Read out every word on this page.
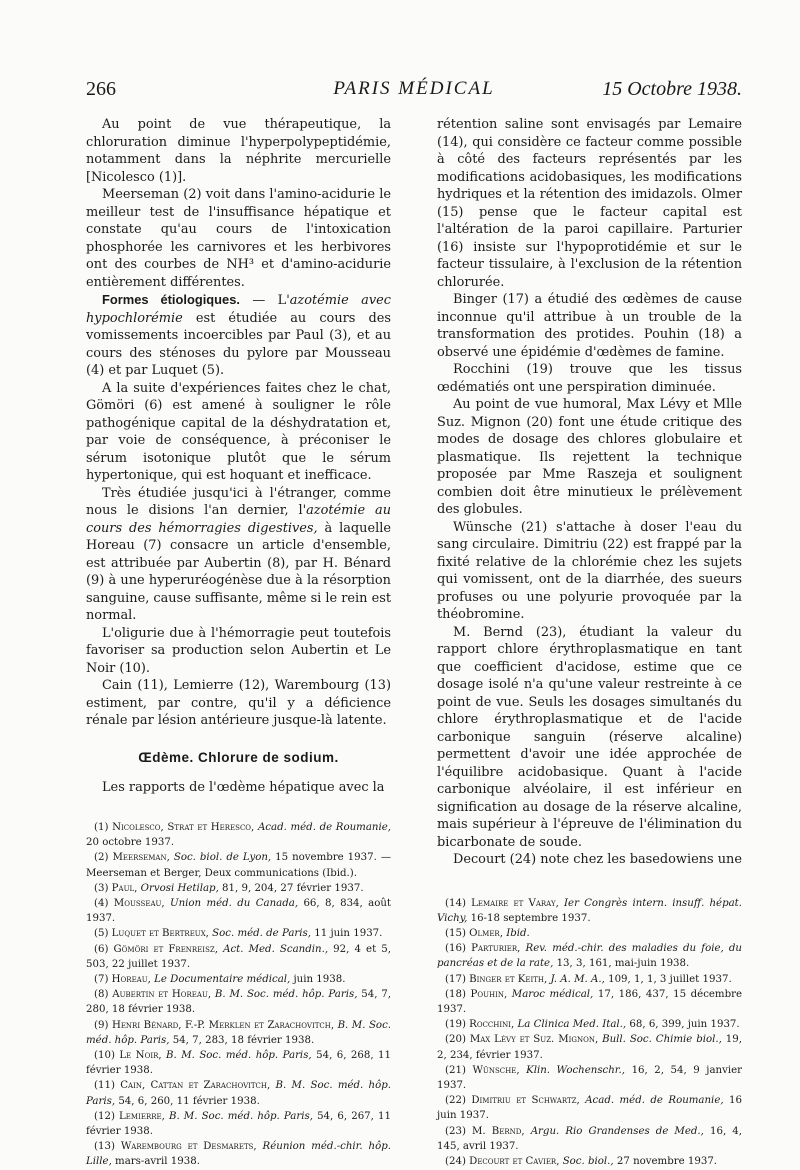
266	PARIS MÉDICAL	15 Octobre 1938.

Au point de vue thérapeutique, la chloruration diminue l'hyperpolypeptidémie, notamment dans la néphrite mercurielle [Nicolesco (1)].

Meerseman (2) voit dans l'amino-acidurie le meilleur test de l'insuffisance hépatique et constate qu'au cours de l'intoxication phosphorée les carnivores et les herbivores ont des courbes de NH³ et d'amino-acidurie entièrement différentes.

Formes étiologiques. — L'azotémie avec hypochlorémie est étudiée au cours des vomissements incoercibles par Paul (3), et au cours des sténoses du pylore par Mousseau (4) et par Luquet (5).

A la suite d'expériences faites chez le chat, Gömöri (6) est amené à souligner le rôle pathogénique capital de la déshydratation et, par voie de conséquence, à préconiser le sérum isotonique plutôt que le sérum hypertonique, qui est hoquant et inefficace.

Très étudiée jusqu'ici à l'étranger, comme nous le disions l'an dernier, l'azotémie au cours des hémorragies digestives, à laquelle Horeau (7) consacre un article d'ensemble, est attribuée par Aubertin (8), par H. Bénard (9) à une hyperuréogénèse due à la résorption sanguine, cause suffisante, même si le rein est normal.

L'oligurie due à l'hémorragie peut toutefois favoriser sa production selon Aubertin et Le Noir (10).

Cain (11), Lemierre (12), Warembourg (13) estiment, par contre, qu'il y a déficience rénale par lésion antérieure jusque-là latente.

Œdème. Chlorure de sodium.

Les rapports de l'œdème hépatique avec la

(1) Nicolesco, Strat et Heresco, Acad. méd. de Roumanie, 20 octobre 1937.
(2) Meerseman, Soc. biol. de Lyon, 15 novembre 1937. — Meerseman et Berger, Deux communications (Ibid.).
(3) Paul, Orvosi Hetilap, 81, 9, 204, 27 février 1937.
(4) Mousseau, Union méd. du Canada, 66, 8, 834, août 1937.
(5) Luquet et Bertreux, Soc. méd. de Paris, 11 juin 1937.
(6) Gömöri et Frenreisz, Act. Med. Scandin., 92, 4 et 5, 503, 22 juillet 1937.
(7) Horeau, Le Documentaire médical, juin 1938.
(8) Aubertin et Horeau, B. M. Soc. méd. hôp. Paris, 54, 7, 280, 18 février 1938.
(9) Henri Bénard, F.-P. Merklen et Zarachovitch, B. M. Soc. méd. hôp. Paris, 54, 7, 283, 18 février 1938.
(10) Le Noir, B. M. Soc. méd. hôp. Paris, 54, 6, 268, 11 février 1938.
(11) Cain, Cattan et Zarachovitch, B. M. Soc. méd. hôp. Paris, 54, 6, 260, 11 février 1938.
(12) Lemierre, B. M. Soc. méd. hôp. Paris, 54, 6, 267, 11 février 1938.
(13) Warembourg et Desmarets, Réunion méd.-chir. hôp. Lille, mars-avril 1938.

rétention saline sont envisagés par Lemaire (14), qui considère ce facteur comme possible à côté des facteurs représentés par les modifications acidobasiques, les modifications hydriques et la rétention des imidazols. Olmer (15) pense que le facteur capital est l'altération de la paroi capillaire. Parturier (16) insiste sur l'hypoprotidémie et sur le facteur tissulaire, à l'exclusion de la rétention chlorurée.

Binger (17) a étudié des œdèmes de cause inconnue qu'il attribue à un trouble de la transformation des protides. Pouhin (18) a observé une épidémie d'œdèmes de famine.

Rocchini (19) trouve que les tissus œdématiés ont une perspiration diminuée.

Au point de vue humoral, Max Lévy et Mlle Suz. Mignon (20) font une étude critique des modes de dosage des chlores globulaire et plasmatique. Ils rejettent la technique proposée par Mme Raszeja et soulignent combien doit être minutieux le prélèvement des globules.

Wünsche (21) s'attache à doser l'eau du sang circulaire. Dimitriu (22) est frappé par la fixité relative de la chlorémie chez les sujets qui vomissent, ont de la diarrhée, des sueurs profuses ou une polyurie provoquée par la théobromine.

M. Bernd (23), étudiant la valeur du rapport chlore érythroplasmatique en tant que coefficient d'acidose, estime que ce dosage isolé n'a qu'une valeur restreinte à ce point de vue. Seuls les dosages simultanés du chlore érythroplasmatique et de l'acide carbonique sanguin (réserve alcaline) permettent d'avoir une idée approchée de l'équilibre acidobasique. Quant à l'acide carbonique alvéolaire, il est inférieur en signification au dosage de la réserve alcaline, mais supérieur à l'épreuve de l'élimination du bicarbonate de soude.

Decourt (24) note chez les basedowiens une

(14) Lemaire et Varay, Ier Congrès intern. insuff. hépat. Vichy, 16-18 septembre 1937.
(15) Olmer, Ibid.
(16) Parturier, Rev. méd.-chir. des maladies du foie, du pancréas et de la rate, 13, 3, 161, mai-juin 1938.
(17) Binger et Keith, J. A. M. A., 109, 1, 1, 3 juillet 1937.
(18) Pouhin, Maroc médical, 17, 186, 437, 15 décembre 1937.
(19) Rocchini, La Clinica Med. Ital., 68, 6, 399, juin 1937.
(20) Max Lévy et Suz. Mignon, Bull. Soc. Chimie biol., 19, 2, 234, février 1937.
(21) Wünsche, Klin. Wochenschr., 16, 2, 54, 9 janvier 1937.
(22) Dimitriu et Schwartz, Acad. méd. de Roumanie, 16 juin 1937.
(23) M. Bernd, Argu. Rio Grandenses de Med., 16, 4, 145, avril 1937.
(24) Decourt et Cavier, Soc. biol., 27 novembre 1937.
